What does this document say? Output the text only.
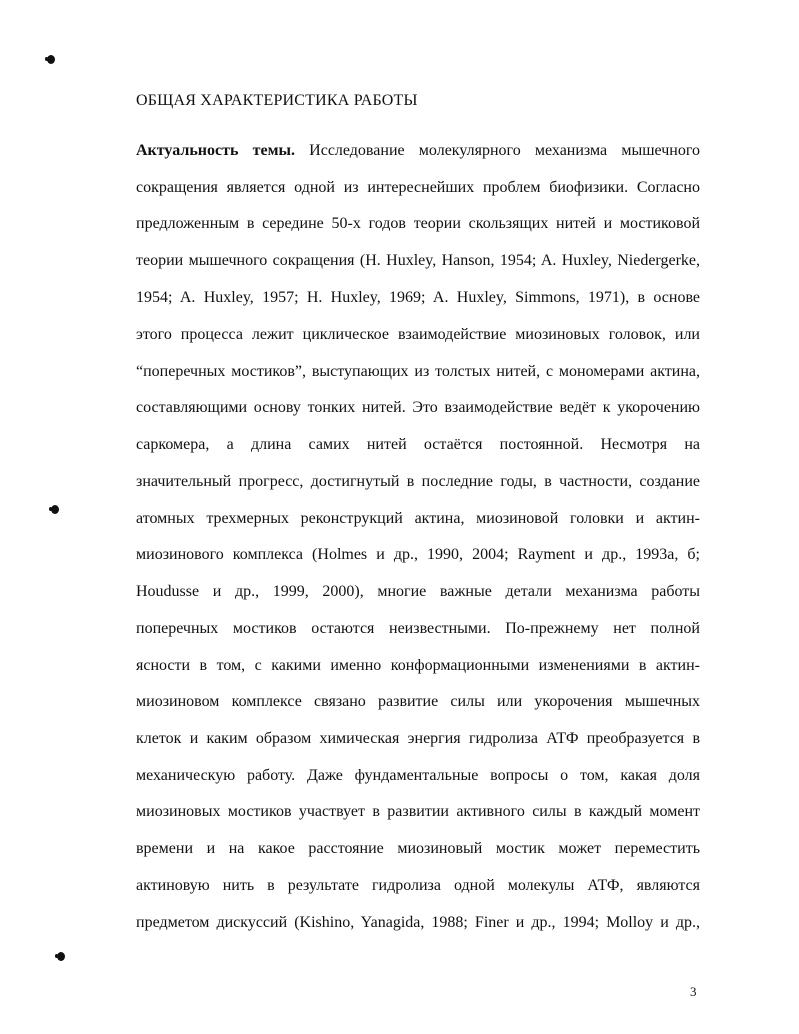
ОБЩАЯ ХАРАКТЕРИСТИКА РАБОТЫ
Актуальность темы. Исследование молекулярного механизма мышечного
сокращения является одной из интереснейших проблем биофизики. Согласно
предложенным в середине 50-х годов теории скользящих нитей и мостиковой
теории мышечного сокращения (H. Huxley, Hanson, 1954; A. Huxley, Niedergerke,
1954; A. Huxley, 1957; H. Huxley, 1969; A. Huxley, Simmons, 1971), в основе
этого процесса лежит циклическое взаимодействие миозиновых головок, или
“поперечных мостиков”, выступающих из толстых нитей, с мономерами актина,
составляющими основу тонких нитей. Это взаимодействие ведёт к укорочению
саркомера, а длина самих нитей остаётся постоянной. Несмотря на
значительный прогресс, достигнутый в последние годы, в частности, создание
атомных трехмерных реконструкций актина, миозиновой головки и актин-
миозинового комплекса (Holmes и др., 1990, 2004; Rayment и др., 1993а, б;
Houdusse и др., 1999, 2000), многие важные детали механизма работы
поперечных мостиков остаются неизвестными. По-прежнему нет полной
ясности в том, с какими именно конформационными изменениями в актин-
миозиновом комплексе связано развитие силы или укорочения мышечных
клеток и каким образом химическая энергия гидролиза АТФ преобразуется в
механическую работу. Даже фундаментальные вопросы о том, какая доля
миозиновых мостиков участвует в развитии активного силы в каждый момент
времени и на какое расстояние миозиновый мостик может переместить
актиновую нить в результате гидролиза одной молекулы АТФ, являются
предметом дискуссий (Kishino, Yanagida, 1988; Finer и др., 1994; Molloy и др.,
3
